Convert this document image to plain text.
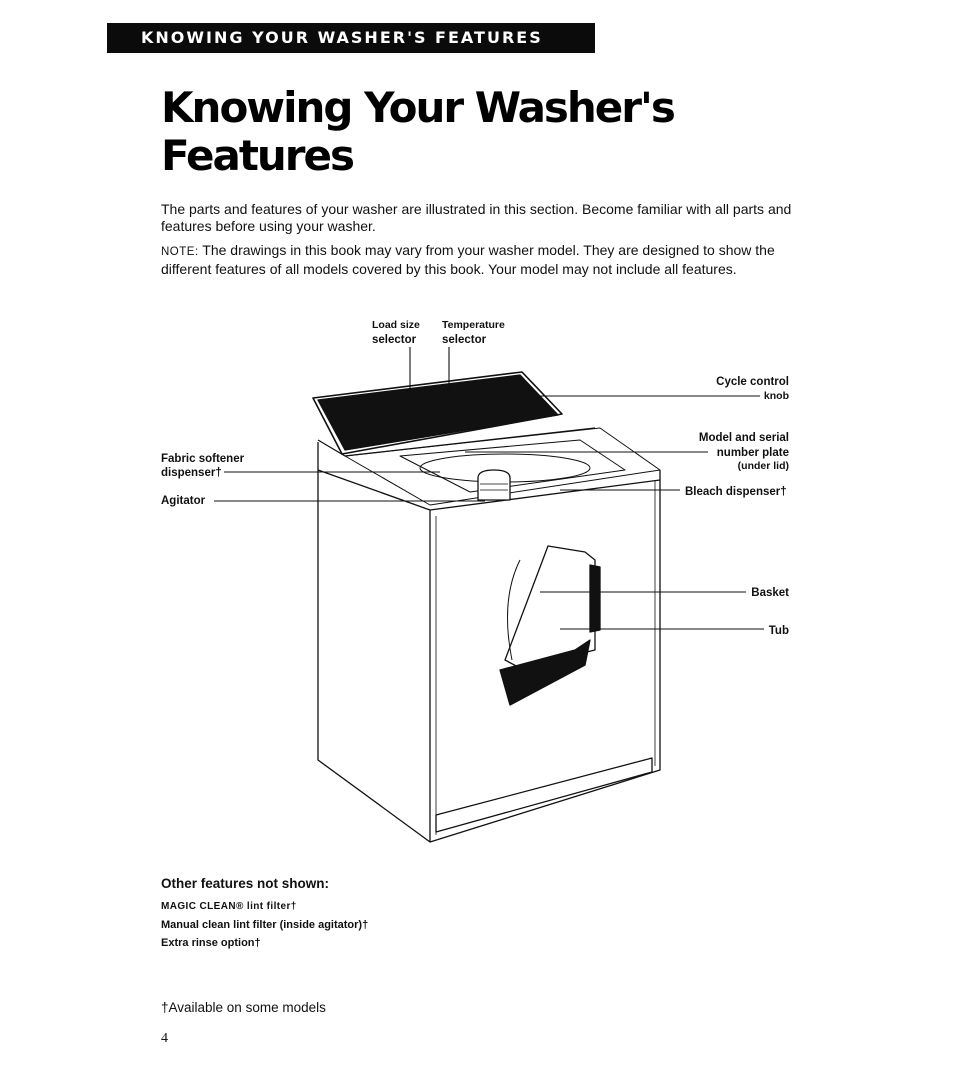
KNOWING YOUR WASHER'S FEATURES
Knowing Your Washer's
Features

The parts and features of your washer are illustrated in this section. Become familiar with all parts and features before using your washer.

NOTE: The drawings in this book may vary from your washer model. They are designed to show the different features of all models covered by this book. Your model may not include all features.

Load size
selector
Temperature
selector
Cycle control
knob
Model and serial
number plate
(under lid)
Fabric softener
dispenser†
Agitator
Bleach dispenser†
Basket
Tub

Other features not shown:

MAGIC CLEAN® lint filter†
Manual clean lint filter (inside agitator)†
Extra rinse option†

†Available on some models

4
